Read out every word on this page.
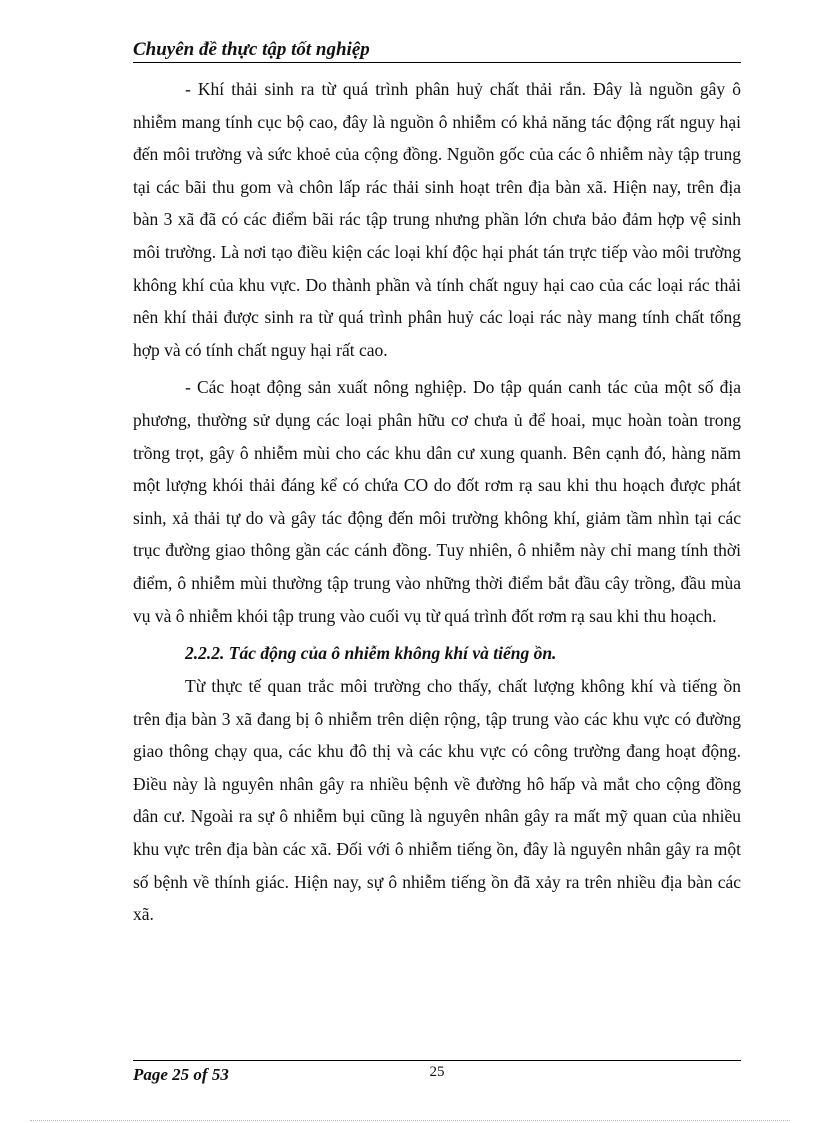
Chuyên đề thực tập tốt nghiệp

- Khí thải sinh ra từ quá trình phân huỷ chất thải rắn. Đây là nguồn gây ô nhiễm mang tính cục bộ cao, đây là nguồn ô nhiễm có khả năng tác động rất nguy hại đến môi trường và sức khoẻ của cộng đồng. Nguồn gốc của các ô nhiễm này tập trung tại các bãi thu gom và chôn lấp rác thải sinh hoạt trên địa bàn xã. Hiện nay, trên địa bàn 3 xã đã có các điểm bãi rác tập trung nhưng phần lớn chưa bảo đảm hợp vệ sinh môi trường. Là nơi tạo điều kiện các loại khí độc hại phát tán trực tiếp vào môi trường không khí của khu vực. Do thành phần và tính chất nguy hại cao của các loại rác thải nên khí thải được sinh ra từ quá trình phân huỷ các loại rác này mang tính chất tổng hợp và có tính chất nguy hại rất cao.

- Các hoạt động sản xuất nông nghiệp. Do tập quán canh tác của một số địa phương, thường sử dụng các loại phân hữu cơ chưa ủ để hoai, mục hoàn toàn trong trồng trọt, gây ô nhiễm mùi cho các khu dân cư xung quanh. Bên cạnh đó, hàng năm một lượng khói thải đáng kể có chứa CO do đốt rơm rạ sau khi thu hoạch được phát sinh, xả thải tự do và gây tác động đến môi trường không khí, giảm tầm nhìn tại các trục đường giao thông gần các cánh đồng. Tuy nhiên, ô nhiễm này chỉ mang tính thời điểm, ô nhiễm mùi thường tập trung vào những thời điểm bắt đầu cây trồng, đầu mùa vụ và ô nhiễm khói tập trung vào cuối vụ từ quá trình đốt rơm rạ sau khi thu hoạch.

2.2.2. Tác động của ô nhiễm không khí và tiếng ồn.

Từ thực tế quan trắc môi trường cho thấy, chất lượng không khí và tiếng ồn trên địa bàn 3 xã đang bị ô nhiễm trên diện rộng, tập trung vào các khu vực có đường giao thông chạy qua, các khu đô thị và các khu vực có công trường đang hoạt động. Điều này là nguyên nhân gây ra nhiều bệnh về đường hô hấp và mắt cho cộng đồng dân cư. Ngoài ra sự ô nhiễm bụi cũng là nguyên nhân gây ra mất mỹ quan của nhiều khu vực trên địa bàn các xã. Đối với ô nhiễm tiếng ồn, đây là nguyên nhân gây ra một số bệnh về thính giác. Hiện nay, sự ô nhiễm tiếng ồn đã xảy ra trên nhiều địa bàn các xã.

Page 25 of 53	25
